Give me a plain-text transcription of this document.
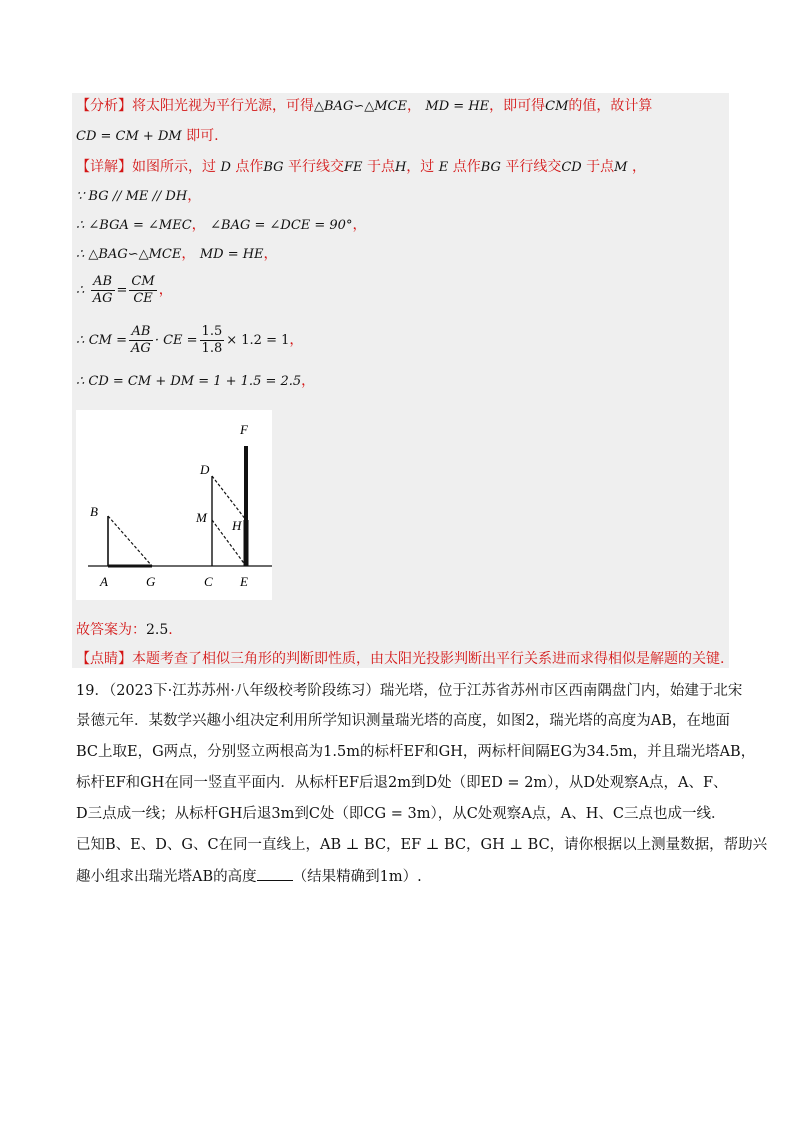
【分析】将太阳光视为平行光源，可得△BAG∽△MCE， MD = HE，即可得CM的值，故计算
CD = CM + DM 即可.
【详解】如图所示，过 D 点作BG 平行线交FE 于点H，过 E 点作BG 平行线交CD 于点M ，
∵ BG // ME // DH，
∴ ∠BGA = ∠MEC， ∠BAG = ∠DCE = 90°，
∴ △BAG∽△MCE， MD = HE，
∴ $\frac{AB}{AG} = \frac{CM}{CE}$ ，
∴ CM = $\frac{AB}{AG}$ · CE = $\frac{1.5}{1.8} \times 1.2 = 1$，
∴ CD = CM + DM = 1 + 1.5 = 2.5，
B
A	G	C E
D
M
H
F
故答案为：2.5.
【点睛】本题考查了相似三角形的判断即性质，由太阳光投影判断出平行关系进而求得相似是解题的关键.
19．（2023下·江苏苏州·八年级校考阶段练习）瑞光塔，位于江苏省苏州市区西南隅盘门内，始建于北宋
景德元年．某数学兴趣小组决定利用所学知识测量瑞光塔的高度，如图2，瑞光塔的高度为AB，在地面
BC上取E，G两点，分别竖立两根高为1.5m的标杆EF和GH，两标杆间隔EG为34.5m，并且瑞光塔AB，
标杆EF和GH在同一竖直平面内．从标杆EF后退2m到D处（即ED = 2m），从D处观察A点，A、F、
D三点成一线；从标杆GH后退3m到C处（即CG = 3m），从C处观察A点，A、H、C三点也成一线．
已知B、E、D、G、C在同一直线上，AB ⊥ BC，EF ⊥ BC，GH ⊥ BC，请你根据以上测量数据，帮助兴
趣小组求出瑞光塔AB的高度 （结果精确到1m）.
